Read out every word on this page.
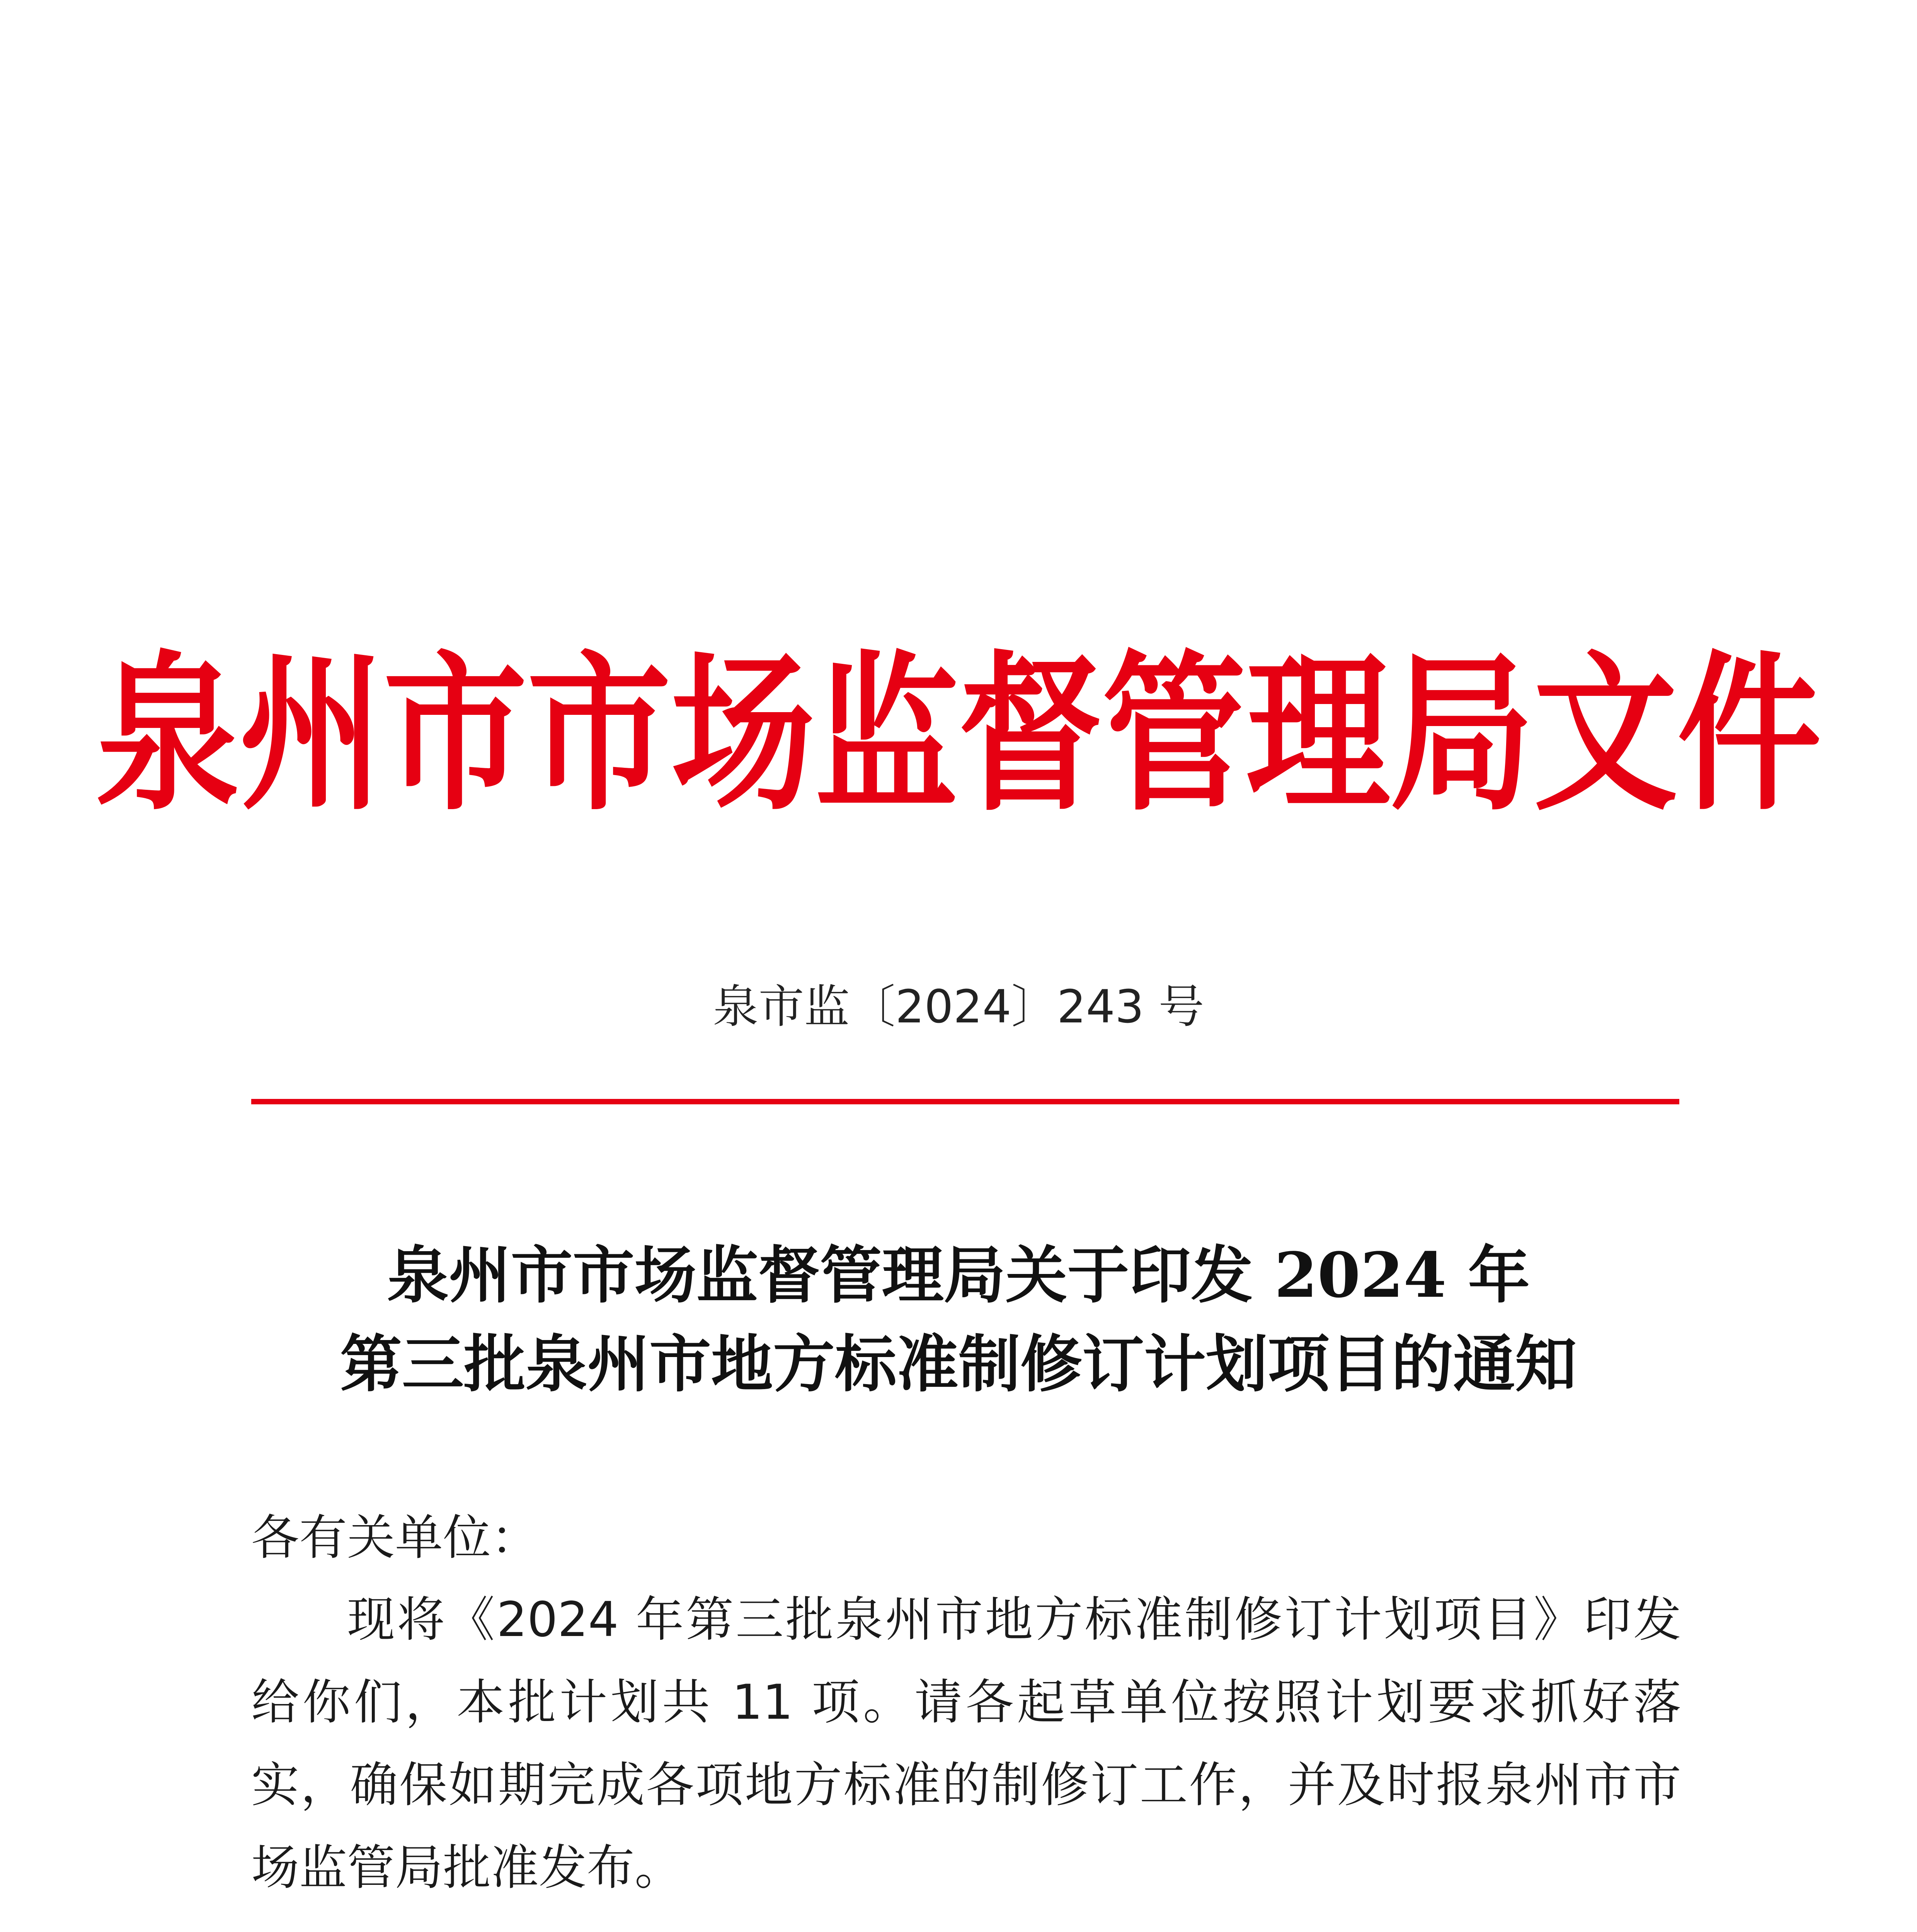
泉州市市场监督管理局文件
泉市监〔2024〕243 号
泉州市市场监督管理局关于印发 2024 年
第三批泉州市地方标准制修订计划项目的通知
各有关单位：
现将《2024 年第三批泉州市地方标准制修订计划项目》印发给你们，本批计划共 11 项。请各起草单位按照计划要求抓好落实，确保如期完成各项地方标准的制修订工作，并及时报泉州市市场监管局批准发布。
